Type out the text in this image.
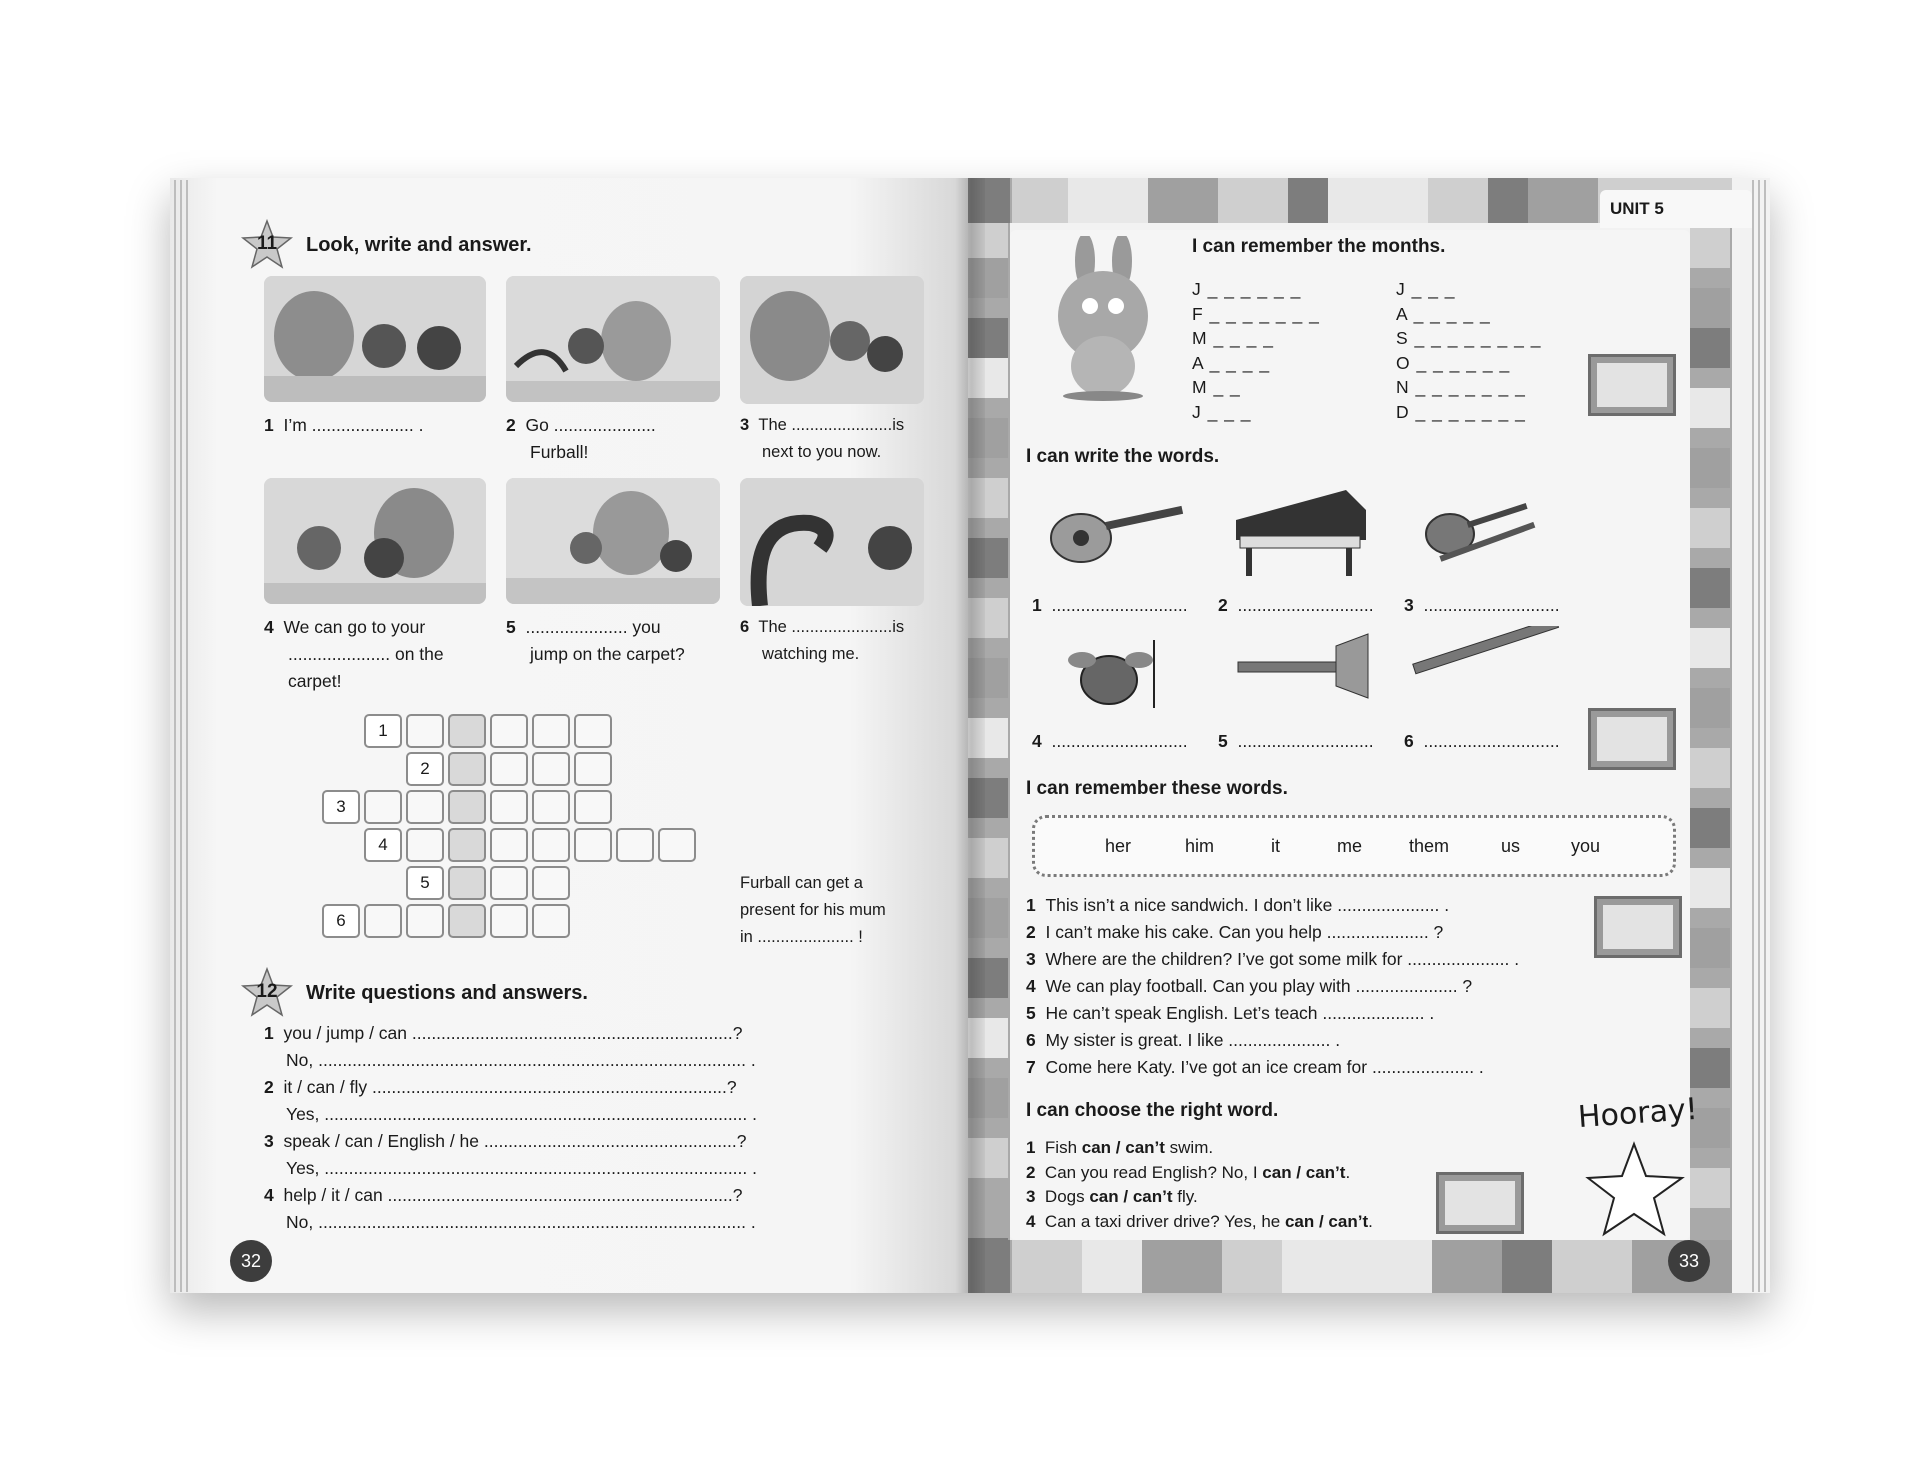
11	Look, write and answer.
1 I’m ..................... .	2 Go .....................
Furball!
3 The ......................is
next to you now.
4 We can go to your
..................... on the
carpet!
5 ..................... you
jump on the carpet?
6 The ......................is
watching me.
1
2
3
4
5
6
Furball can get a
present for his mum
in ..................... !
12	Write questions and answers.
1 you / jump / can ..................................................................?
No, ........................................................................................ .
2 it / can / fly .........................................................................?
Yes, ....................................................................................... .
3 speak / can / English / he ....................................................?
Yes, ....................................................................................... .
4 help / it / can .......................................................................?
No, ........................................................................................ .
32
UNIT 5
I can remember the months.
J _ _ _ _ _ _
F _ _ _ _ _ _ _
M _ _ _ _
A _ _ _ _
M _ _
J _ _ _
J _ _ _
A _ _ _ _ _
S _ _ _ _ _ _ _ _
O _ _ _ _ _ _
N _ _ _ _ _ _ _
D _ _ _ _ _ _ _
I can write the words.
1 ............................ 2 ............................ 3 ............................
4 ............................ 5 ............................ 6 ............................
I can remember these words.
her	him	it	me	them	us	you
1 This isn’t a nice sandwich. I don’t like ..................... .
2 I can’t make his cake. Can you help ..................... ?
3 Where are the children? I’ve got some milk for ..................... .
4 We can play football. Can you play with ..................... ?
5 He can’t speak English. Let’s teach ..................... .
6 My sister is great. I like ..................... .
7 Come here Katy. I’ve got an ice cream for ..................... .
I can choose the right word.
1 Fish can / can’t swim.
2 Can you read English? No, I can / can’t.
3 Dogs can / can’t fly.
4 Can a taxi driver drive? Yes, he can / can’t.
Hooray!
33
